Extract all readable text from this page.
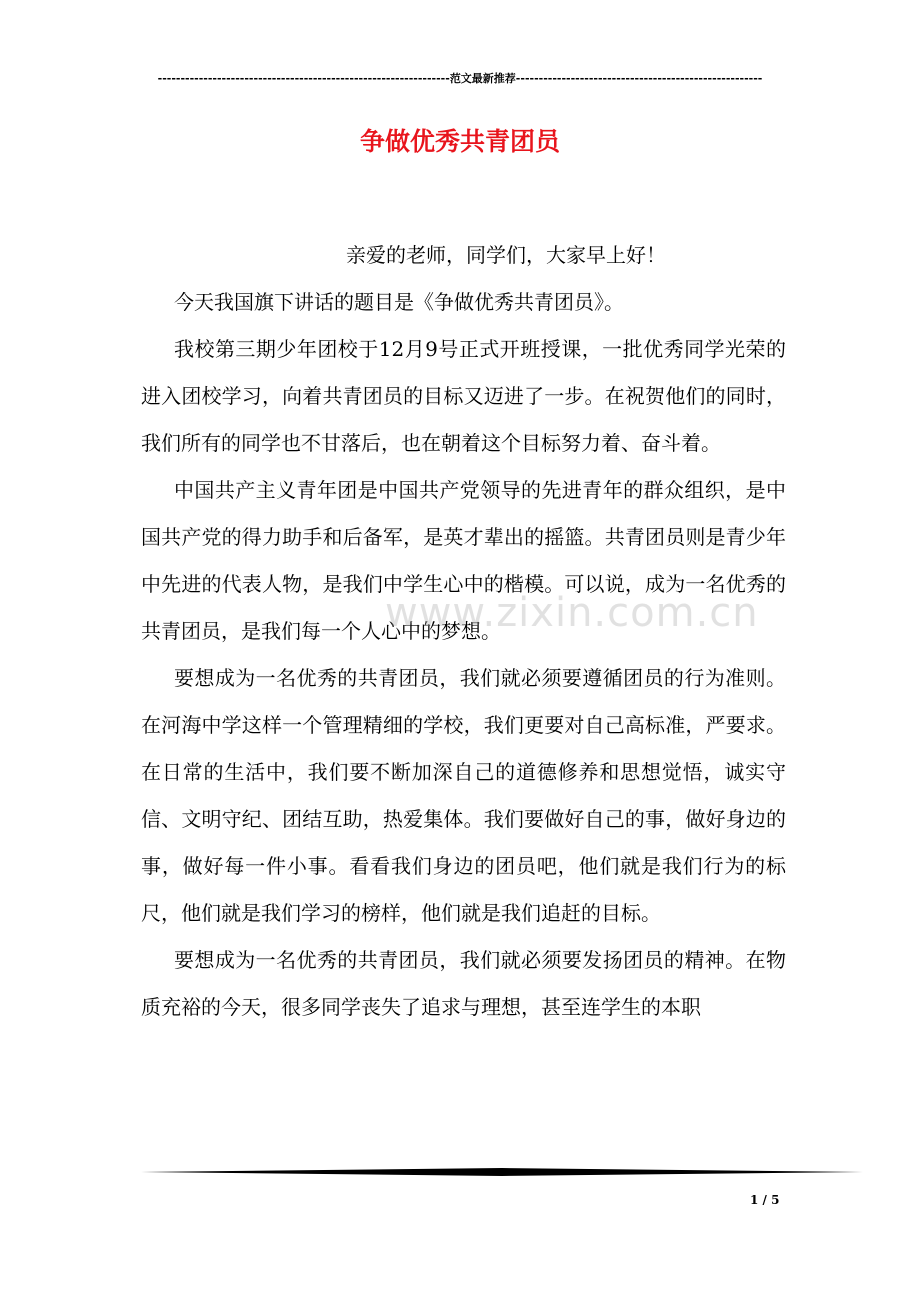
----------------------------------------------------------------范文最新推荐------------------------------------------------------
争做优秀共青团员
亲爱的老师，同学们，大家早上好！

今天我国旗下讲话的题目是《争做优秀共青团员》。

我校第三期少年团校于12月9号正式开班授课，一批优秀同学光荣的进入团校学习，向着共青团员的目标又迈进了一步。在祝贺他们的同时，我们所有的同学也不甘落后，也在朝着这个目标努力着、奋斗着。

中国共产主义青年团是中国共产党领导的先进青年的群众组织，是中国共产党的得力助手和后备军，是英才辈出的摇篮。共青团员则是青少年中先进的代表人物，是我们中学生心中的楷模。可以说，成为一名优秀的共青团员，是我们每一个人心中的梦想。

要想成为一名优秀的共青团员，我们就必须要遵循团员的行为准则。在河海中学这样一个管理精细的学校，我们更要对自己高标准，严要求。在日常的生活中，我们要不断加深自己的道德修养和思想觉悟，诚实守信、文明守纪、团结互助，热爱集体。我们要做好自己的事，做好身边的事，做好每一件小事。看看我们身边的团员吧，他们就是我们行为的标尺，他们就是我们学习的榜样，他们就是我们追赶的目标。

要想成为一名优秀的共青团员，我们就必须要发扬团员的精神。在物质充裕的今天，很多同学丧失了追求与理想，甚至连学生的本职

www.zixin.com.cn
1 / 5
